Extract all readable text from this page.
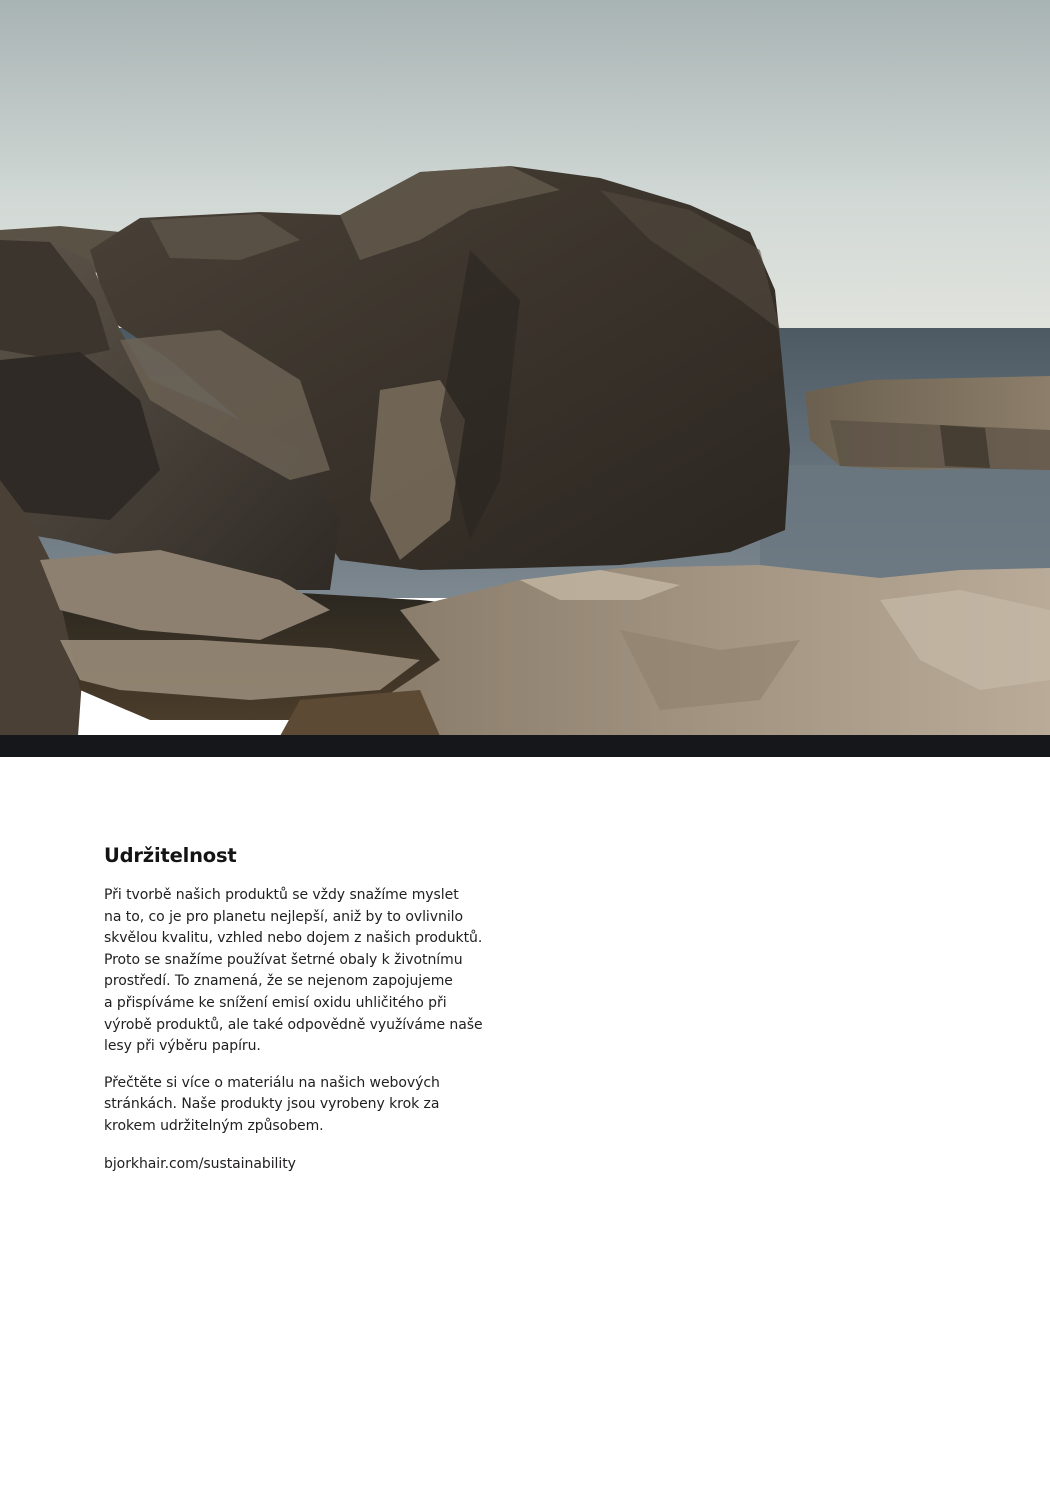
Udržitelnost

Při tvorbě našich produktů se vždy snažíme myslet
na to, co je pro planetu nejlepší, aniž by to ovlivnilo
skvělou kvalitu, vzhled nebo dojem z našich produktů.
Proto se snažíme používat šetrné obaly k životnímu
prostředí. To znamená, že se nejenom zapojujeme
a přispíváme ke snížení emisí oxidu uhličitého při
výrobě produktů, ale také odpovědně využíváme naše
lesy při výběru papíru.

Přečtěte si více o materiálu na našich webových
stránkách. Naše produkty jsou vyrobeny krok za
krokem udržitelným způsobem.

bjorkhair.com/sustainability
